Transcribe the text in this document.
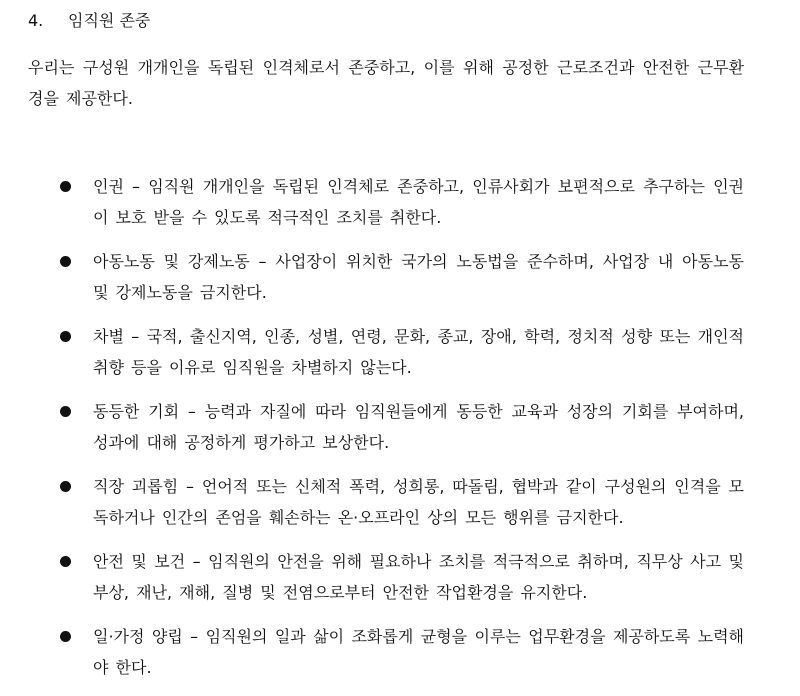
4. 임직원 존중
우리는 구성원 개개인을 독립된 인격체로서 존중하고, 이를 위해 공정한 근로조건과 안전한 근무환경을 제공한다.
인권 – 임직원 개개인을 독립된 인격체로 존중하고, 인류사회가 보편적으로 추구하는 인권이 보호 받을 수 있도록 적극적인 조치를 취한다.
아동노동 및 강제노동 – 사업장이 위치한 국가의 노동법을 준수하며, 사업장 내 아동노동 및 강제노동을 금지한다.
차별 – 국적, 출신지역, 인종, 성별, 연령, 문화, 종교, 장애, 학력, 정치적 성향 또는 개인적 취향 등을 이유로 임직원을 차별하지 않는다.
동등한 기회 – 능력과 자질에 따라 임직원들에게 동등한 교육과 성장의 기회를 부여하며, 성과에 대해 공정하게 평가하고 보상한다.
직장 괴롭힘 – 언어적 또는 신체적 폭력, 성희롱, 따돌림, 협박과 같이 구성원의 인격을 모독하거나 인간의 존엄을 훼손하는 온·오프라인 상의 모든 행위를 금지한다.
안전 및 보건 – 임직원의 안전을 위해 필요하나 조치를 적극적으로 취하며, 직무상 사고 및 부상, 재난, 재해, 질병 및 전염으로부터 안전한 작업환경을 유지한다.
일·가정 양립 – 임직원의 일과 삶이 조화롭게 균형을 이루는 업무환경을 제공하도록 노력해야 한다.
